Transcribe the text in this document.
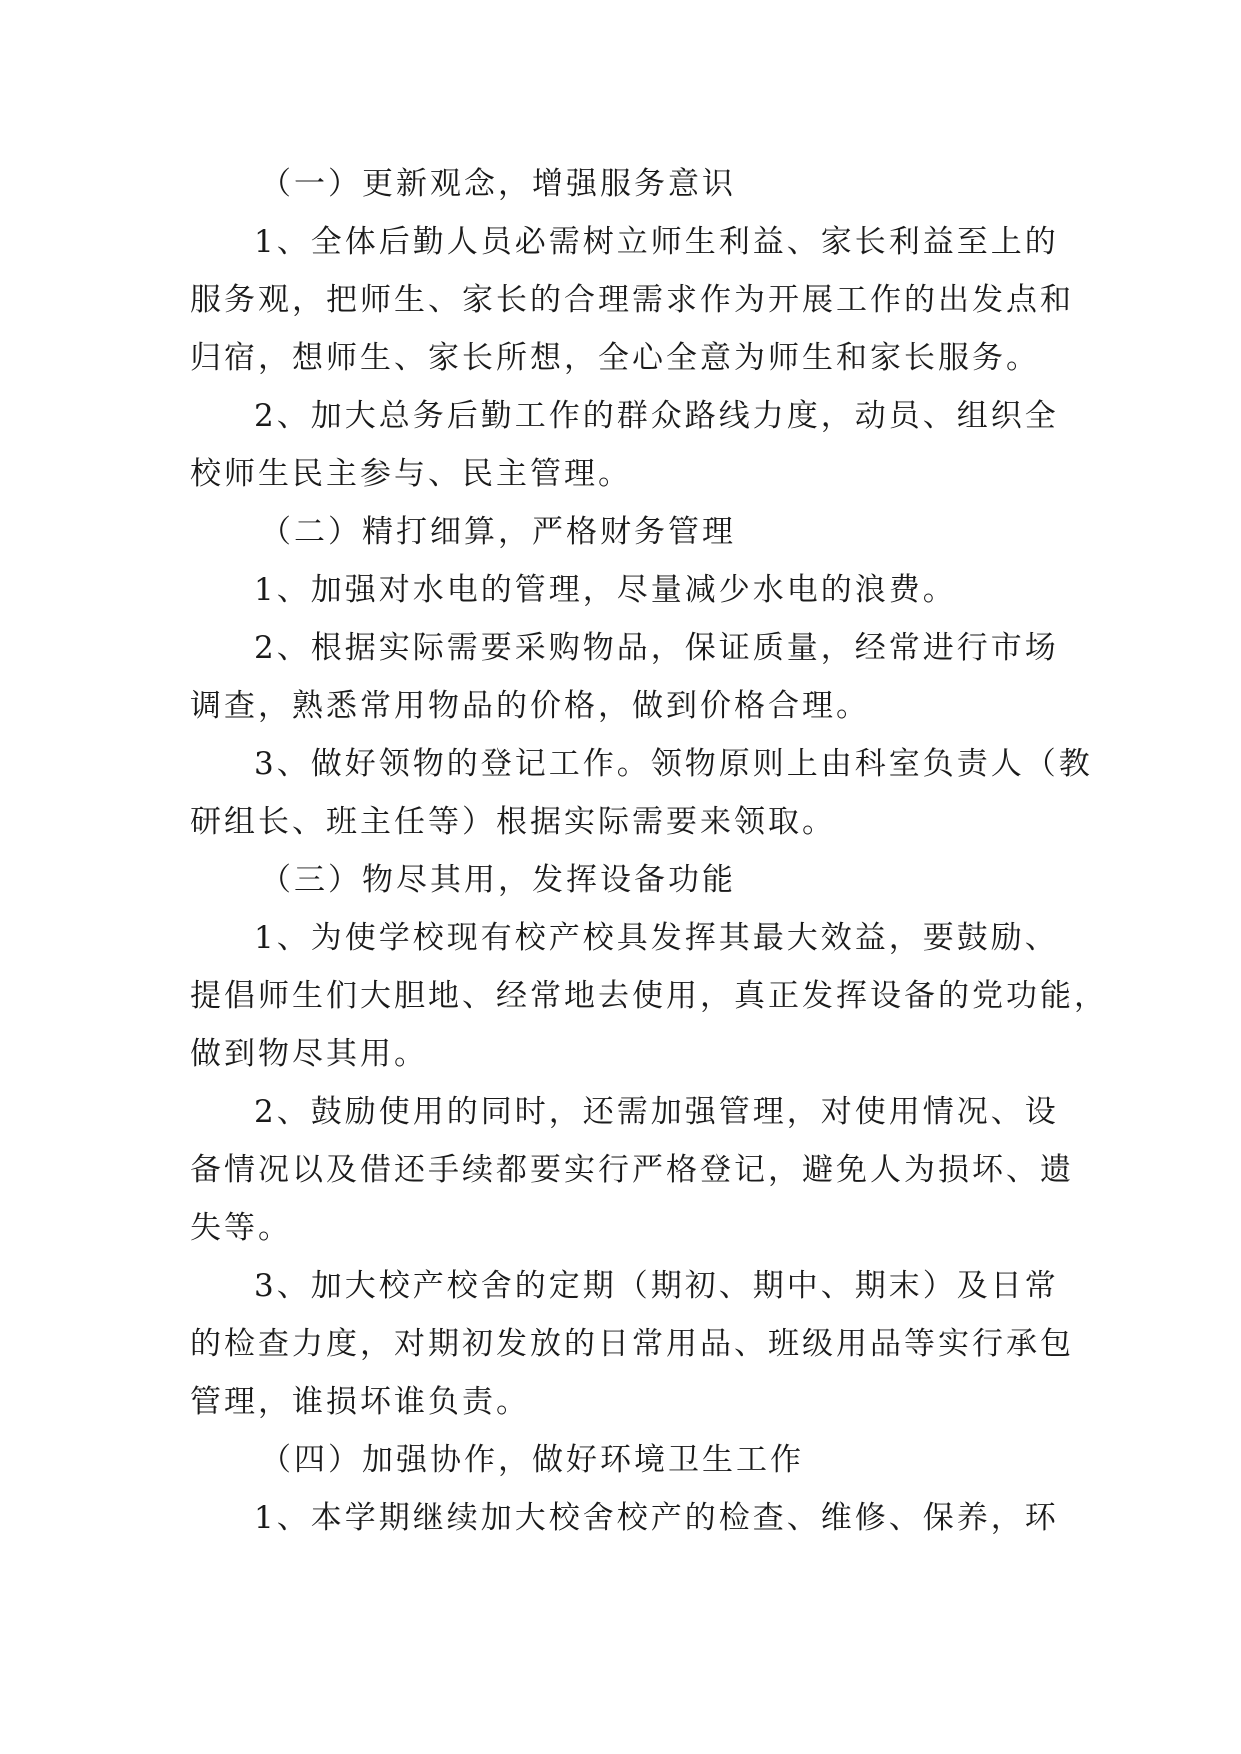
（一）更新观念，增强服务意识
1、全体后勤人员必需树立师生利益、家长利益至上的
服务观，把师生、家长的合理需求作为开展工作的出发点和
归宿，想师生、家长所想，全心全意为师生和家长服务。
2、加大总务后勤工作的群众路线力度，动员、组织全
校师生民主参与、民主管理。
（二）精打细算，严格财务管理
1、加强对水电的管理，尽量减少水电的浪费。
2、根据实际需要采购物品，保证质量，经常进行市场
调查，熟悉常用物品的价格，做到价格合理。
3、做好领物的登记工作。领物原则上由科室负责人（教
研组长、班主任等）根据实际需要来领取。
（三）物尽其用，发挥设备功能
1、为使学校现有校产校具发挥其最大效益，要鼓励、
提倡师生们大胆地、经常地去使用，真正发挥设备的党功能，
做到物尽其用。
2、鼓励使用的同时，还需加强管理，对使用情况、设
备情况以及借还手续都要实行严格登记，避免人为损坏、遗
失等。
3、加大校产校舍的定期（期初、期中、期末）及日常
的检查力度，对期初发放的日常用品、班级用品等实行承包
管理，谁损坏谁负责。
（四）加强协作，做好环境卫生工作
1、本学期继续加大校舍校产的检查、维修、保养，环
